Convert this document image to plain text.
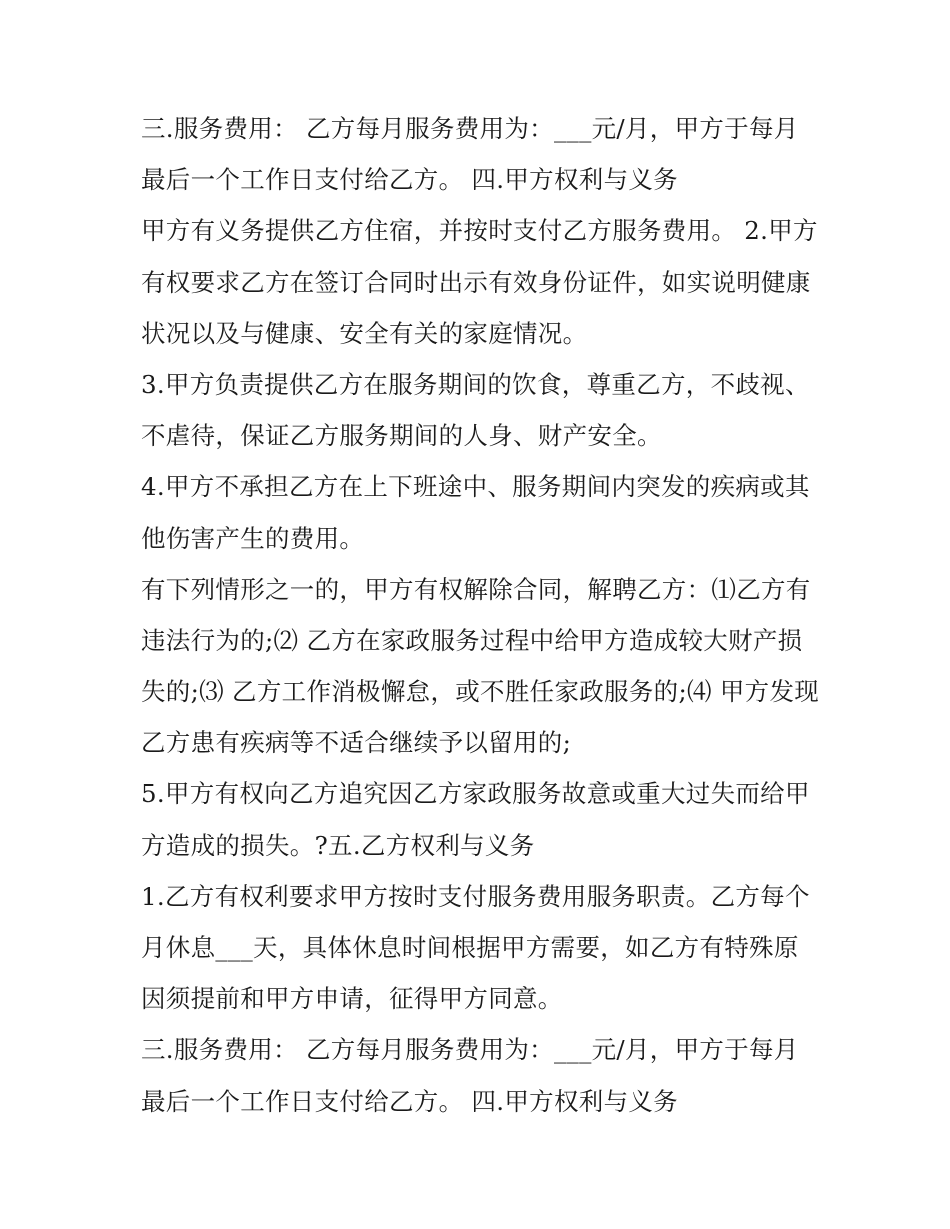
三.服务费用： 乙方每月服务费用为：___元/月，甲方于每月
最后一个工作日支付给乙方。 四.甲方权利与义务
甲方有义务提供乙方住宿，并按时支付乙方服务费用。 2.甲方
有权要求乙方在签订合同时出示有效身份证件，如实说明健康
状况以及与健康、安全有关的家庭情况。
3.甲方负责提供乙方在服务期间的饮食，尊重乙方，不歧视、
不虐待，保证乙方服务期间的人身、财产安全。
4.甲方不承担乙方在上下班途中、服务期间内突发的疾病或其
他伤害产生的费用。
有下列情形之一的，甲方有权解除合同，解聘乙方：⑴乙方有
违法行为的;⑵ 乙方在家政服务过程中给甲方造成较大财产损
失的;⑶ 乙方工作消极懈怠，或不胜任家政服务的;⑷ 甲方发现
乙方患有疾病等不适合继续予以留用的;
5.甲方有权向乙方追究因乙方家政服务故意或重大过失而给甲
方造成的损失。?五.乙方权利与义务
1.乙方有权利要求甲方按时支付服务费用服务职责。乙方每个
月休息___天，具体休息时间根据甲方需要，如乙方有特殊原
因须提前和甲方申请，征得甲方同意。
三.服务费用： 乙方每月服务费用为：___元/月，甲方于每月
最后一个工作日支付给乙方。 四.甲方权利与义务
